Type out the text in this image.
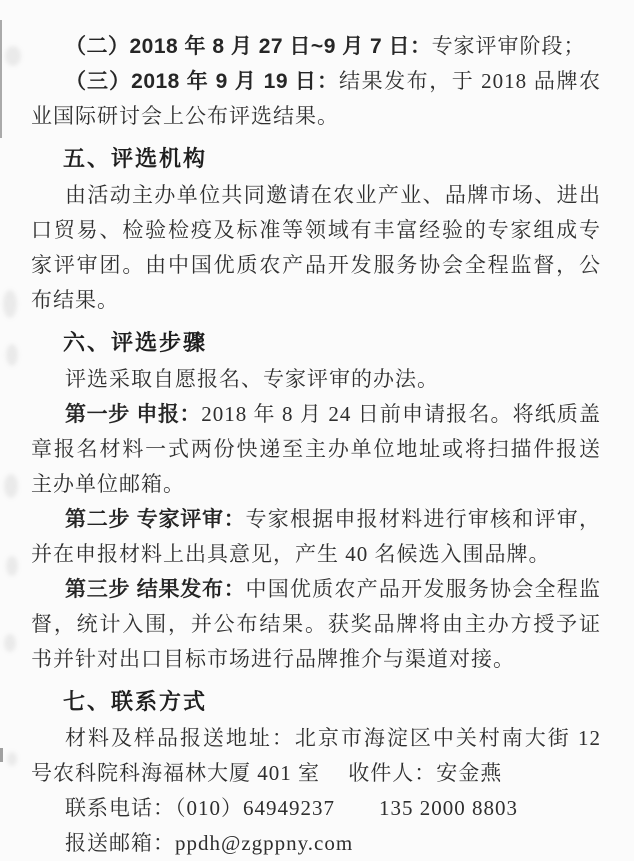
（二）2018 年 8 月 27 日~9 月 7 日：专家评审阶段；

（三）2018 年 9 月 19 日：结果发布，于 2018 品牌农业国际研讨会上公布评选结果。

五、评选机构

由活动主办单位共同邀请在农业产业、品牌市场、进出口贸易、检验检疫及标准等领域有丰富经验的专家组成专家评审团。由中国优质农产品开发服务协会全程监督，公布结果。

六、评选步骤

评选采取自愿报名、专家评审的办法。

第一步 申报：2018 年 8 月 24 日前申请报名。将纸质盖章报名材料一式两份快递至主办单位地址或将扫描件报送主办单位邮箱。

第二步 专家评审：专家根据申报材料进行审核和评审，并在申报材料上出具意见，产生 40 名候选入围品牌。

第三步 结果发布：中国优质农产品开发服务协会全程监督，统计入围，并公布结果。获奖品牌将由主办方授予证书并针对出口目标市场进行品牌推介与渠道对接。

七、联系方式

材料及样品报送地址：北京市海淀区中关村南大街 12 号农科院科海福林大厦 401 室　 收件人：安金燕

联系电话：（010）64949237　　135 2000 8803

报送邮箱：ppdh@zgppny.com
